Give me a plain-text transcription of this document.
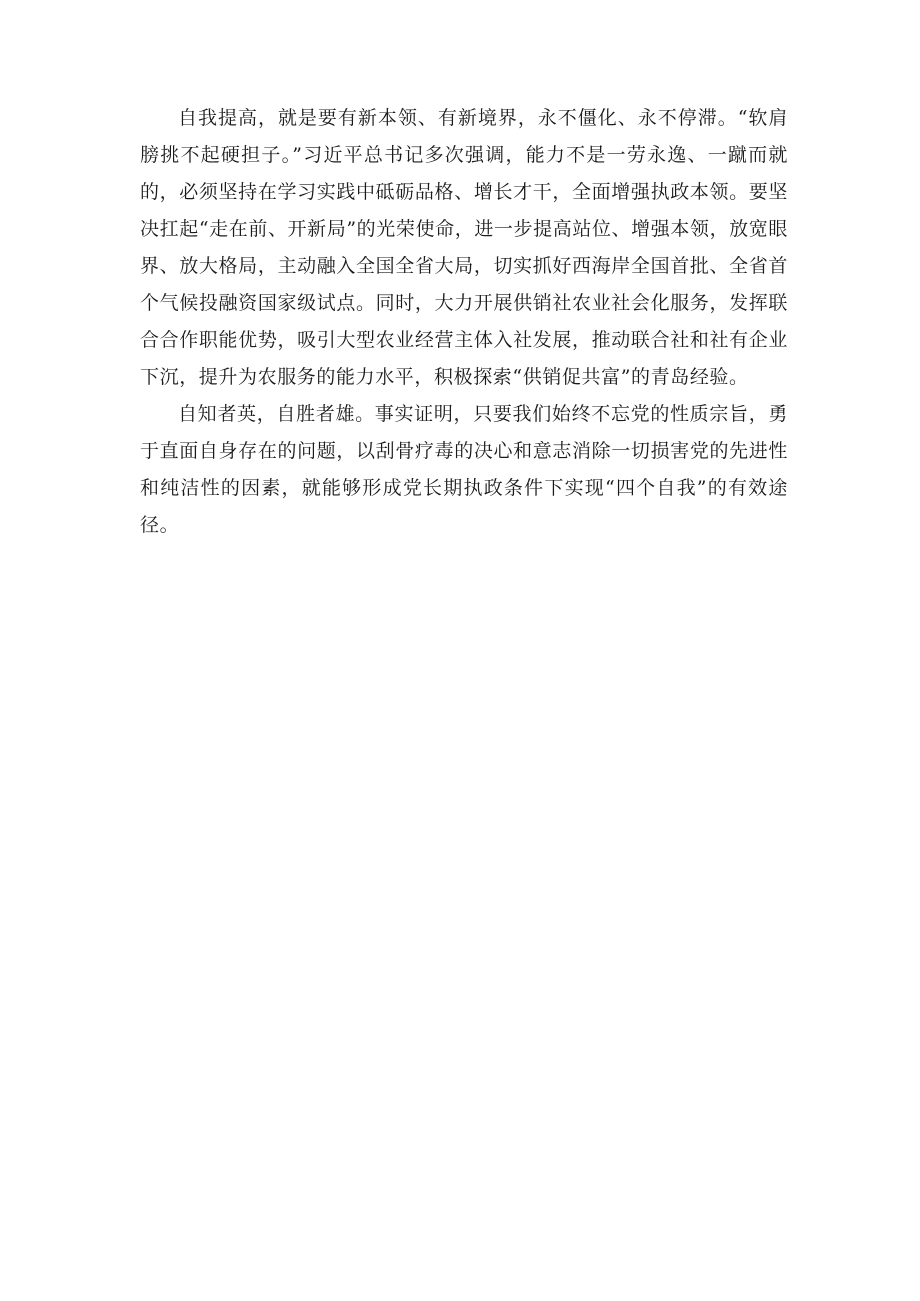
自我提高，就是要有新本领、有新境界，永不僵化、永不停滞。“软肩膀挑不起硬担子。”习近平总书记多次强调，能力不是一劳永逸、一蹴而就的，必须坚持在学习实践中砥砺品格、增长才干，全面增强执政本领。要坚决扛起“走在前、开新局”的光荣使命，进一步提高站位、增强本领，放宽眼界、放大格局，主动融入全国全省大局，切实抓好西海岸全国首批、全省首个气候投融资国家级试点。同时，大力开展供销社农业社会化服务，发挥联合合作职能优势，吸引大型农业经营主体入社发展，推动联合社和社有企业下沉，提升为农服务的能力水平，积极探索“供销促共富”的青岛经验。

自知者英，自胜者雄。事实证明，只要我们始终不忘党的性质宗旨，勇于直面自身存在的问题，以刮骨疗毒的决心和意志消除一切损害党的先进性和纯洁性的因素，就能够形成党长期执政条件下实现“四个自我”的有效途径。
